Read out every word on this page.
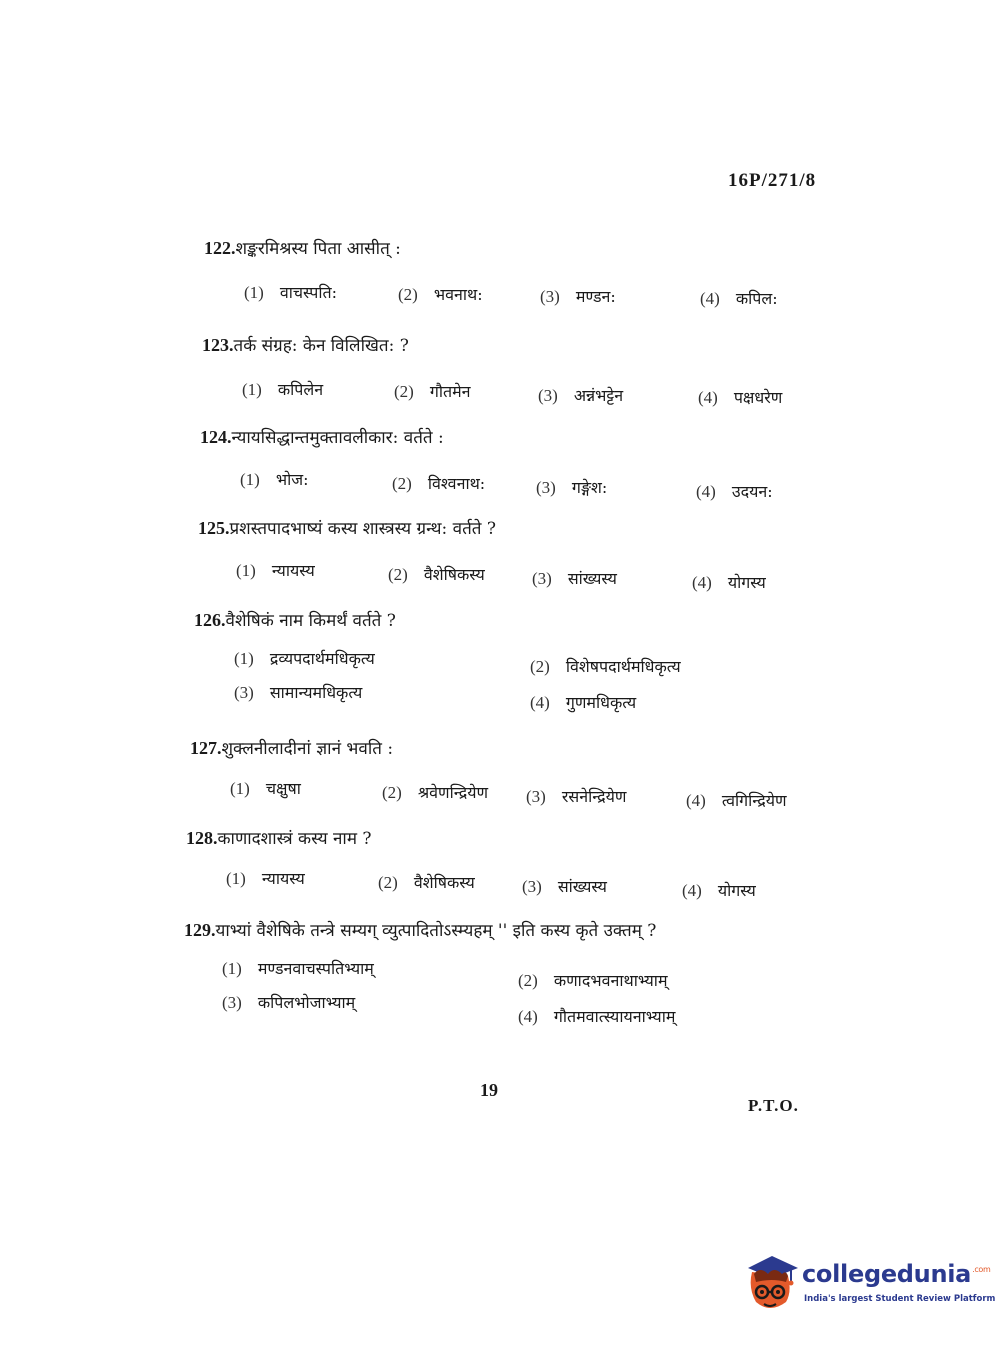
16P/271/8
122.शङ्करमिश्रस्य पिता आसीत् :
(1) वाचस्पति:	(2) भवनाथ:	(3) मण्डन:	(4) कपिल:
123.तर्क संग्रह: केन विलिखित: ?
(1) कपिलेन	(2) गौतमेन	(3) अन्नंभट्टेन	(4) पक्षधरेण
124.न्यायसिद्धान्तमुक्तावलीकार: वर्तते :
(1) भोज:	(2) विश्वनाथ:	(3) गङ्गेश:	(4) उदयन:
125.प्रशस्तपादभाष्यं कस्य शास्त्रस्य ग्रन्थ: वर्तते ?
(1) न्यायस्य	(2) वैशेषिकस्य	(3) सांख्यस्य	(4) योगस्य
126.वैशेषिकं नाम किमर्थं वर्तते ?
(1) द्रव्यपदार्थमधिकृत्य	(2) विशेषपदार्थमधिकृत्य
(3) सामान्यमधिकृत्य
(4) गुणमधिकृत्य
127.शुक्लनीलादीनां ज्ञानं भवति :
(1) चक्षुषा	(2) श्रवेणन्द्रियेण (3) रसनेन्द्रियेण	(4) त्वगिन्द्रियेण
128.काणादशास्त्रं कस्य नाम ?
(1) न्यायस्य	(2) वैशेषिकस्य	(3) सांख्यस्य	(4) योगस्य
129.याभ्यां वैशेषिके तन्त्रे सम्यग् व्युत्पादितोऽस्म्यहम् '' इति कस्य कृते उक्तम् ?
(1) मण्डनवाचस्पतिभ्याम्
(2) कणादभवनाथाभ्याम्
(3) कपिलभोजाभ्याम्
(4) गौतमवात्स्यायनाभ्याम्
19
P.T.O.
collegedunia$^{.com}$
India's largest Student Review Platform
